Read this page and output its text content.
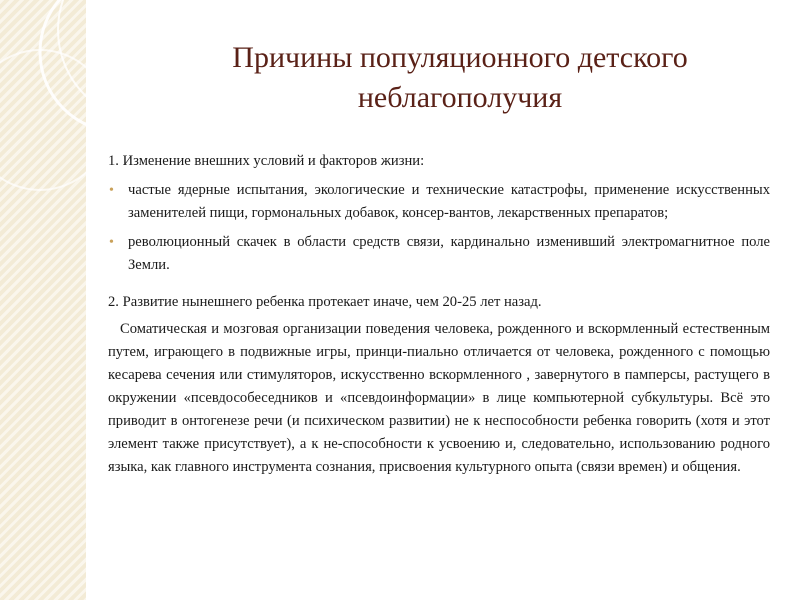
Причины популяционного детского
неблагополучия
1. Изменение внешних условий и факторов жизни:
• частые ядерные испытания, экологические и технические катастрофы, применение искусственных заменителей пищи, гормональных добавок, консер-вантов, лекарственных препаратов;
• революционный скачек в области средств связи, кардинально изменивший электромагнитное поле Земли.
2. Развитие нынешнего ребенка протекает иначе, чем 20-25 лет назад.

Соматическая и мозговая организации поведения человека, рожденного и вскормленный естественным путем, играющего в подвижные игры, принци-пиально отличается от человека, рожденного с помощью кесарева сечения или стимуляторов, искусственно вскормленного , завернутого в памперсы, растущего в окружении «псевдособеседников и «псевдоинформации» в лице компьютерной субкультуры. Всё это приводит в онтогенезе речи (и психическом развитии) не к неспособности ребенка говорить (хотя и этот элемент также присутствует), а к не-способности к усвоению и, следовательно, использованию родного языка, как главного инструмента сознания, присвоения культурного опыта (связи времен) и общения.
